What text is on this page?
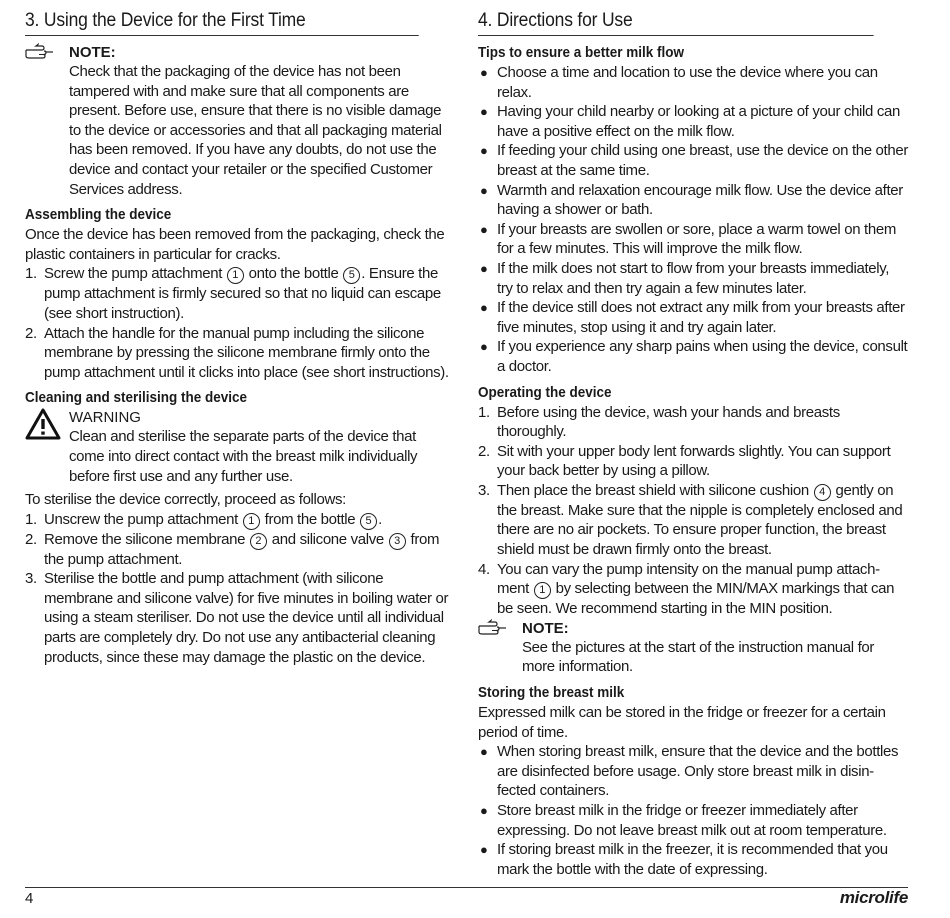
3. Using the Device for the First Time
NOTE:

Check that the packaging of the device has not been tampered with and make sure that all components are present. Before use, ensure that there is no visible damage to the device or accessories and that all packaging material has been removed. If you have any doubts, do not use the device and contact your retailer or the specified Customer Services address.

Assembling the device

Once the device has been removed from the packaging, check the plastic containers in particular for cracks.

1. Screw the pump attachment 1 onto the bottle 5 . Ensure the pump attachment is firmly secured so that no liquid can escape (see short instruction).
2. Attach the handle for the manual pump including the silicone membrane by pressing the silicone membrane firmly onto the pump attachment until it clicks into place (see short instructions).
Cleaning and sterilising the device
WARNING

Clean and sterilise the separate parts of the device that come into direct contact with the breast milk individually before first use and any further use.

To sterilise the device correctly, proceed as follows:

1. Unscrew the pump attachment 1 from the bottle 5 .
2. Remove the silicone membrane 2 and silicone valve 3 from the pump attachment.
3. Sterilise the bottle and pump attachment (with silicone membrane and silicone valve) for five minutes in boiling water or using a steam steriliser. Do not use the device until all individual parts are completely dry. Do not use any antibacterial cleaning products, since these may damage the plastic on the device.
4. Directions for Use
Tips to ensure a better milk flow
● Choose a time and location to use the device where you can relax.
● Having your child nearby or looking at a picture of your child can have a positive effect on the milk flow.
● If feeding your child using one breast, use the device on the other breast at the same time.
● Warmth and relaxation encourage milk flow. Use the device after having a shower or bath.
● If your breasts are swollen or sore, place a warm towel on them for a few minutes. This will improve the milk flow.
● If the milk does not start to flow from your breasts immediately, try to relax and then try again a few minutes later.
● If the device still does not extract any milk from your breasts after five minutes, stop using it and try again later.
● If you experience any sharp pains when using the device, consult a doctor.
Operating the device
1. Before using the device, wash your hands and breasts thoroughly.
2. Sit with your upper body lent forwards slightly. You can support your back better by using a pillow.
3. Then place the breast shield with silicone cushion 4 gently on the breast. Make sure that the nipple is completely enclosed and there are no air pockets. To ensure proper function, the breast shield must be drawn firmly onto the breast.
4. You can vary the pump intensity on the manual pump attach-ment 1 by selecting between the MIN/MAX markings that can be seen. We recommend starting in the MIN position.
NOTE:

See the pictures at the start of the instruction manual for more information.

Storing the breast milk

Expressed milk can be stored in the fridge or freezer for a certain period of time.

● When storing breast milk, ensure that the device and the bottles are disinfected before usage. Only store breast milk in disin-fected containers.
● Store breast milk in the fridge or freezer immediately after expressing. Do not leave breast milk out at room temperature.
● If storing breast milk in the freezer, it is recommended that you mark the bottle with the date of expressing.
4	microlife
